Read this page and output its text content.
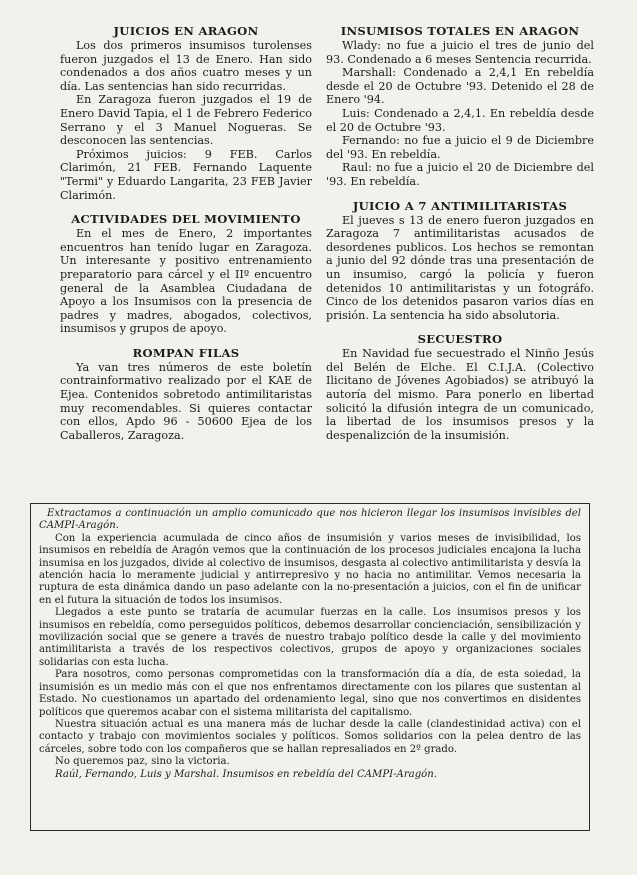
JUICIOS EN ARAGON

Los dos primeros insumisos turolenses fueron juzgados el 13 de Enero. Han sido condenados a dos años cuatro meses y un día. Las sentencias han sido recurridas.

En Zaragoza fueron juzgados el 19 de Enero David Tapia, el 1 de Febrero Federico Serrano y el 3 Manuel Nogueras. Se desconocen las sentencias.

Próximos juicios: 9 FEB. Carlos Clarimón, 21 FEB. Fernando Laquente "Termi" y Eduardo Langarita, 23 FEB Javier Clarimón.

ACTIVIDADES DEL MOVIMIENTO

En el mes de Enero, 2 importantes encuentros han tenído lugar en Zaragoza. Un interesante y positivo entrenamiento preparatorio para cárcel y el IIº encuentro general de la Asamblea Ciudadana de Apoyo a los Insumisos con la presencia de padres y madres, abogados, colectivos, insumisos y grupos de apoyo.

ROMPAN FILAS

Ya van tres números de este boletín contrainformativo realizado por el KAE de Ejea. Contenidos sobretodo antimilitaristas muy recomendables. Si quieres contactar con ellos, Apdo 96 - 50600 Ejea de los Caballeros, Zaragoza.

INSUMISOS TOTALES EN ARAGON

Wlady: no fue a juicio el tres de junio del 93. Condenado a 6 meses Sentencia recurrida.

Marshall: Condenado a 2,4,1 En rebeldía desde el 20 de Octubre '93. Detenido el 28 de Enero '94.

Luis: Condenado a 2,4,1. En rebeldía desde el 20 de Octubre '93.

Fernando: no fue a juicio el 9 de Diciembre del '93. En rebeldía.

Raul: no fue a juicio el 20 de Diciembre del '93. En rebeldía.

JUICIO A 7 ANTIMILITARISTAS

El jueves s 13 de enero fueron juzgados en Zaragoza 7 antimilitaristas acusados de desordenes publicos. Los hechos se remontan a junio del 92 dónde tras una presentación de un insumiso, cargó la policía y fueron detenidos 10 antimilitaristas y un fotográfo. Cinco de los detenidos pasaron varios días en prisión. La sentencia ha sido absolutoria.

SECUESTRO

En Navidad fue secuestrado el Ninño Jesús del Belén de Elche. El C.I.J.A. (Colectivo Ilicitano de Jóvenes Agobiados) se atribuyó la autoría del mismo. Para ponerlo en libertad solicitó la difusión integra de un comunicado, la libertad de los insumisos presos y la despenalizción de la insumisión.

Extractamos a continuación un amplio comunicado que nos hicieron llegar los insumisos invisibles del CAMPI-Aragón.

Con la experiencia acumulada de cinco años de insumisión y varios meses de invisibilidad, los insumisos en rebeldía de Aragón vemos que la continuación de los procesos judiciales encajona la lucha insumisa en los juzgados, divide al colectivo de insumisos, desgasta al colectivo antimilitarista y desvía la atención hacia lo meramente judicial y antirrepresivo y no hacia no antimilitar. Vemos necesaria la ruptura de esta dinámica dando un paso adelante con la no-presentación a juicios, con el fin de unificar en el futura la situación de todos los insumisos.

Llegados a este punto se trataría de acumular fuerzas en la calle. Los insumisos presos y los insumisos en rebeldía, como perseguidos políticos, debemos desarrollar concienciación, sensibilización y movilización social que se genere a través de nuestro trabajo político desde la calle y del movimiento antimilitarista a través de los respectivos colectivos, grupos de apoyo y organizaciones sociales solidarias con esta lucha.

Para nosotros, como personas comprometidas con la transformación día a día, de esta soiedad, la insumisión es un medio más con el que nos enfrentamos directamente con los pilares que sustentan al Estado. No cuestionamos un apartado del ordenamiento legal, sino que nos convertimos en disidentes políticos que queremos acabar con el sistema militarista del capitalismo.

Nuestra situación actual es una manera más de luchar desde la calle (clandestinidad activa) con el contacto y trabajo con movimientos sociales y políticos. Somos solidarios con la pelea dentro de las cárceles, sobre todo con los compañeros que se hallan represaliados en 2º grado.

No queremos paz, sino la victoria.

Raúl, Fernando, Luis y Marshal. Insumisos en rebeldía del CAMPI-Aragón.
